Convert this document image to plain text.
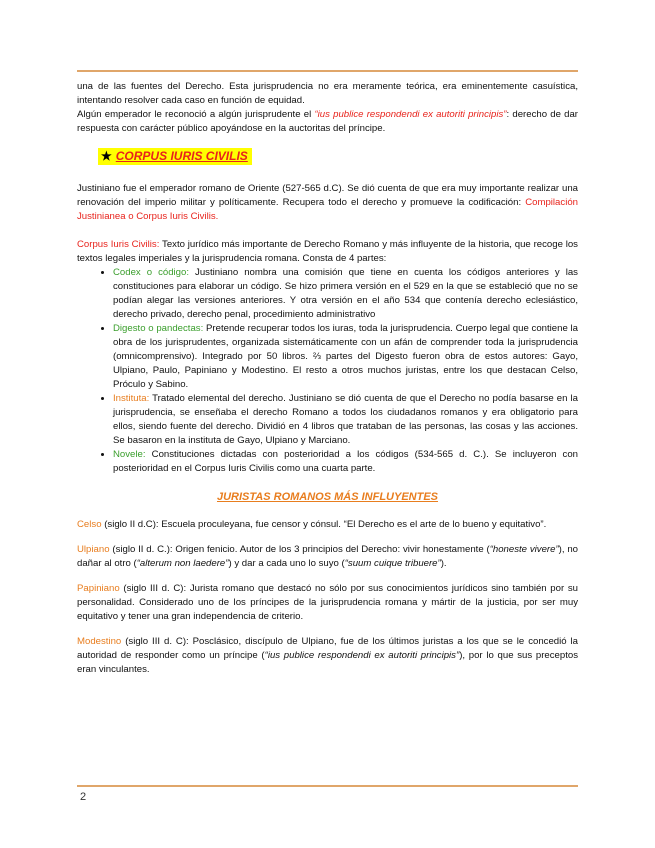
una de las fuentes del Derecho. Esta jurisprudencia no era meramente teórica, era eminentemente casuística, intentando resolver cada caso en función de equidad.
Algún emperador le reconoció a algún jurisprudente el “ius publice respondendi ex autoriti principis”: derecho de dar respuesta con carácter público apoyándose en la auctoritas del príncipe.

★ CORPUS IURIS CIVILIS

Justiniano fue el emperador romano de Oriente (527-565 d.C). Se dió cuenta de que era muy importante realizar una renovación del imperio militar y políticamente. Recupera todo el derecho y promueve la codificación: Compilación Justinianea o Corpus Iuris Civilis.

Corpus Iuris Civilis: Texto jurídico más importante de Derecho Romano y más influyente de la historia, que recoge los textos legales imperiales y la jurisprudencia romana. Consta de 4 partes:

• Codex o código: Justiniano nombra una comisión que tiene en cuenta los códigos anteriores y las constituciones para elaborar un código. Se hizo primera versión en el 529 en la que se estableció que no se podían alegar las versiones anteriores. Y otra versión en el año 534 que contenía derecho eclesiástico, derecho privado, derecho penal, procedimiento administrativo
• Digesto o pandectas: Pretende recuperar todos los iuras, toda la jurisprudencia. Cuerpo legal que contiene la obra de los jurisprudentes, organizada sistemáticamente con un afán de comprender toda la jurisprudencia (omnicomprensivo). Integrado por 50 libros. ⅔ partes del Digesto fueron obra de estos autores: Gayo, Ulpiano, Paulo, Papiniano y Modestino. El resto a otros muchos juristas, entre los que destacan Celso, Próculo y Sabino.
• Instituta: Tratado elemental del derecho. Justiniano se dió cuenta de que el Derecho no podía basarse en la jurisprudencia, se enseñaba el derecho Romano a todos los ciudadanos romanos y era obligatorio para ellos, siendo fuente del derecho. Dividió en 4 libros que trataban de las personas, las cosas y las acciones. Se basaron en la instituta de Gayo, Ulpiano y Marciano.
• Novele: Constituciones dictadas con posterioridad a los códigos (534-565 d. C.). Se incluyeron con posterioridad en el Corpus Iuris Civilis como una cuarta parte.
JURISTAS ROMANOS MÁS INFLUYENTES

Celso (siglo II d.C): Escuela proculeyana, fue censor y cónsul. “El Derecho es el arte de lo bueno y equitativo”.

Ulpiano (siglo II d. C.): Origen fenicio. Autor de los 3 principios del Derecho: vivir honestamente (“honeste vivere”), no dañar al otro (“alterum non laedere”) y dar a cada uno lo suyo (“suum cuique tribuere”).

Papiniano (siglo III d. C): Jurista romano que destacó no sólo por sus conocimientos jurídicos sino también por su personalidad. Considerado uno de los príncipes de la jurisprudencia romana y mártir de la justicia, por ser muy equitativo y tener una gran independencia de criterio.

Modestino (siglo III d. C): Posclásico, discípulo de Ulpiano, fue de los últimos juristas a los que se le concedió la autoridad de responder como un príncipe (“ius publice respondendi ex autoriti principis”), por lo que sus preceptos eran vinculantes.

2
